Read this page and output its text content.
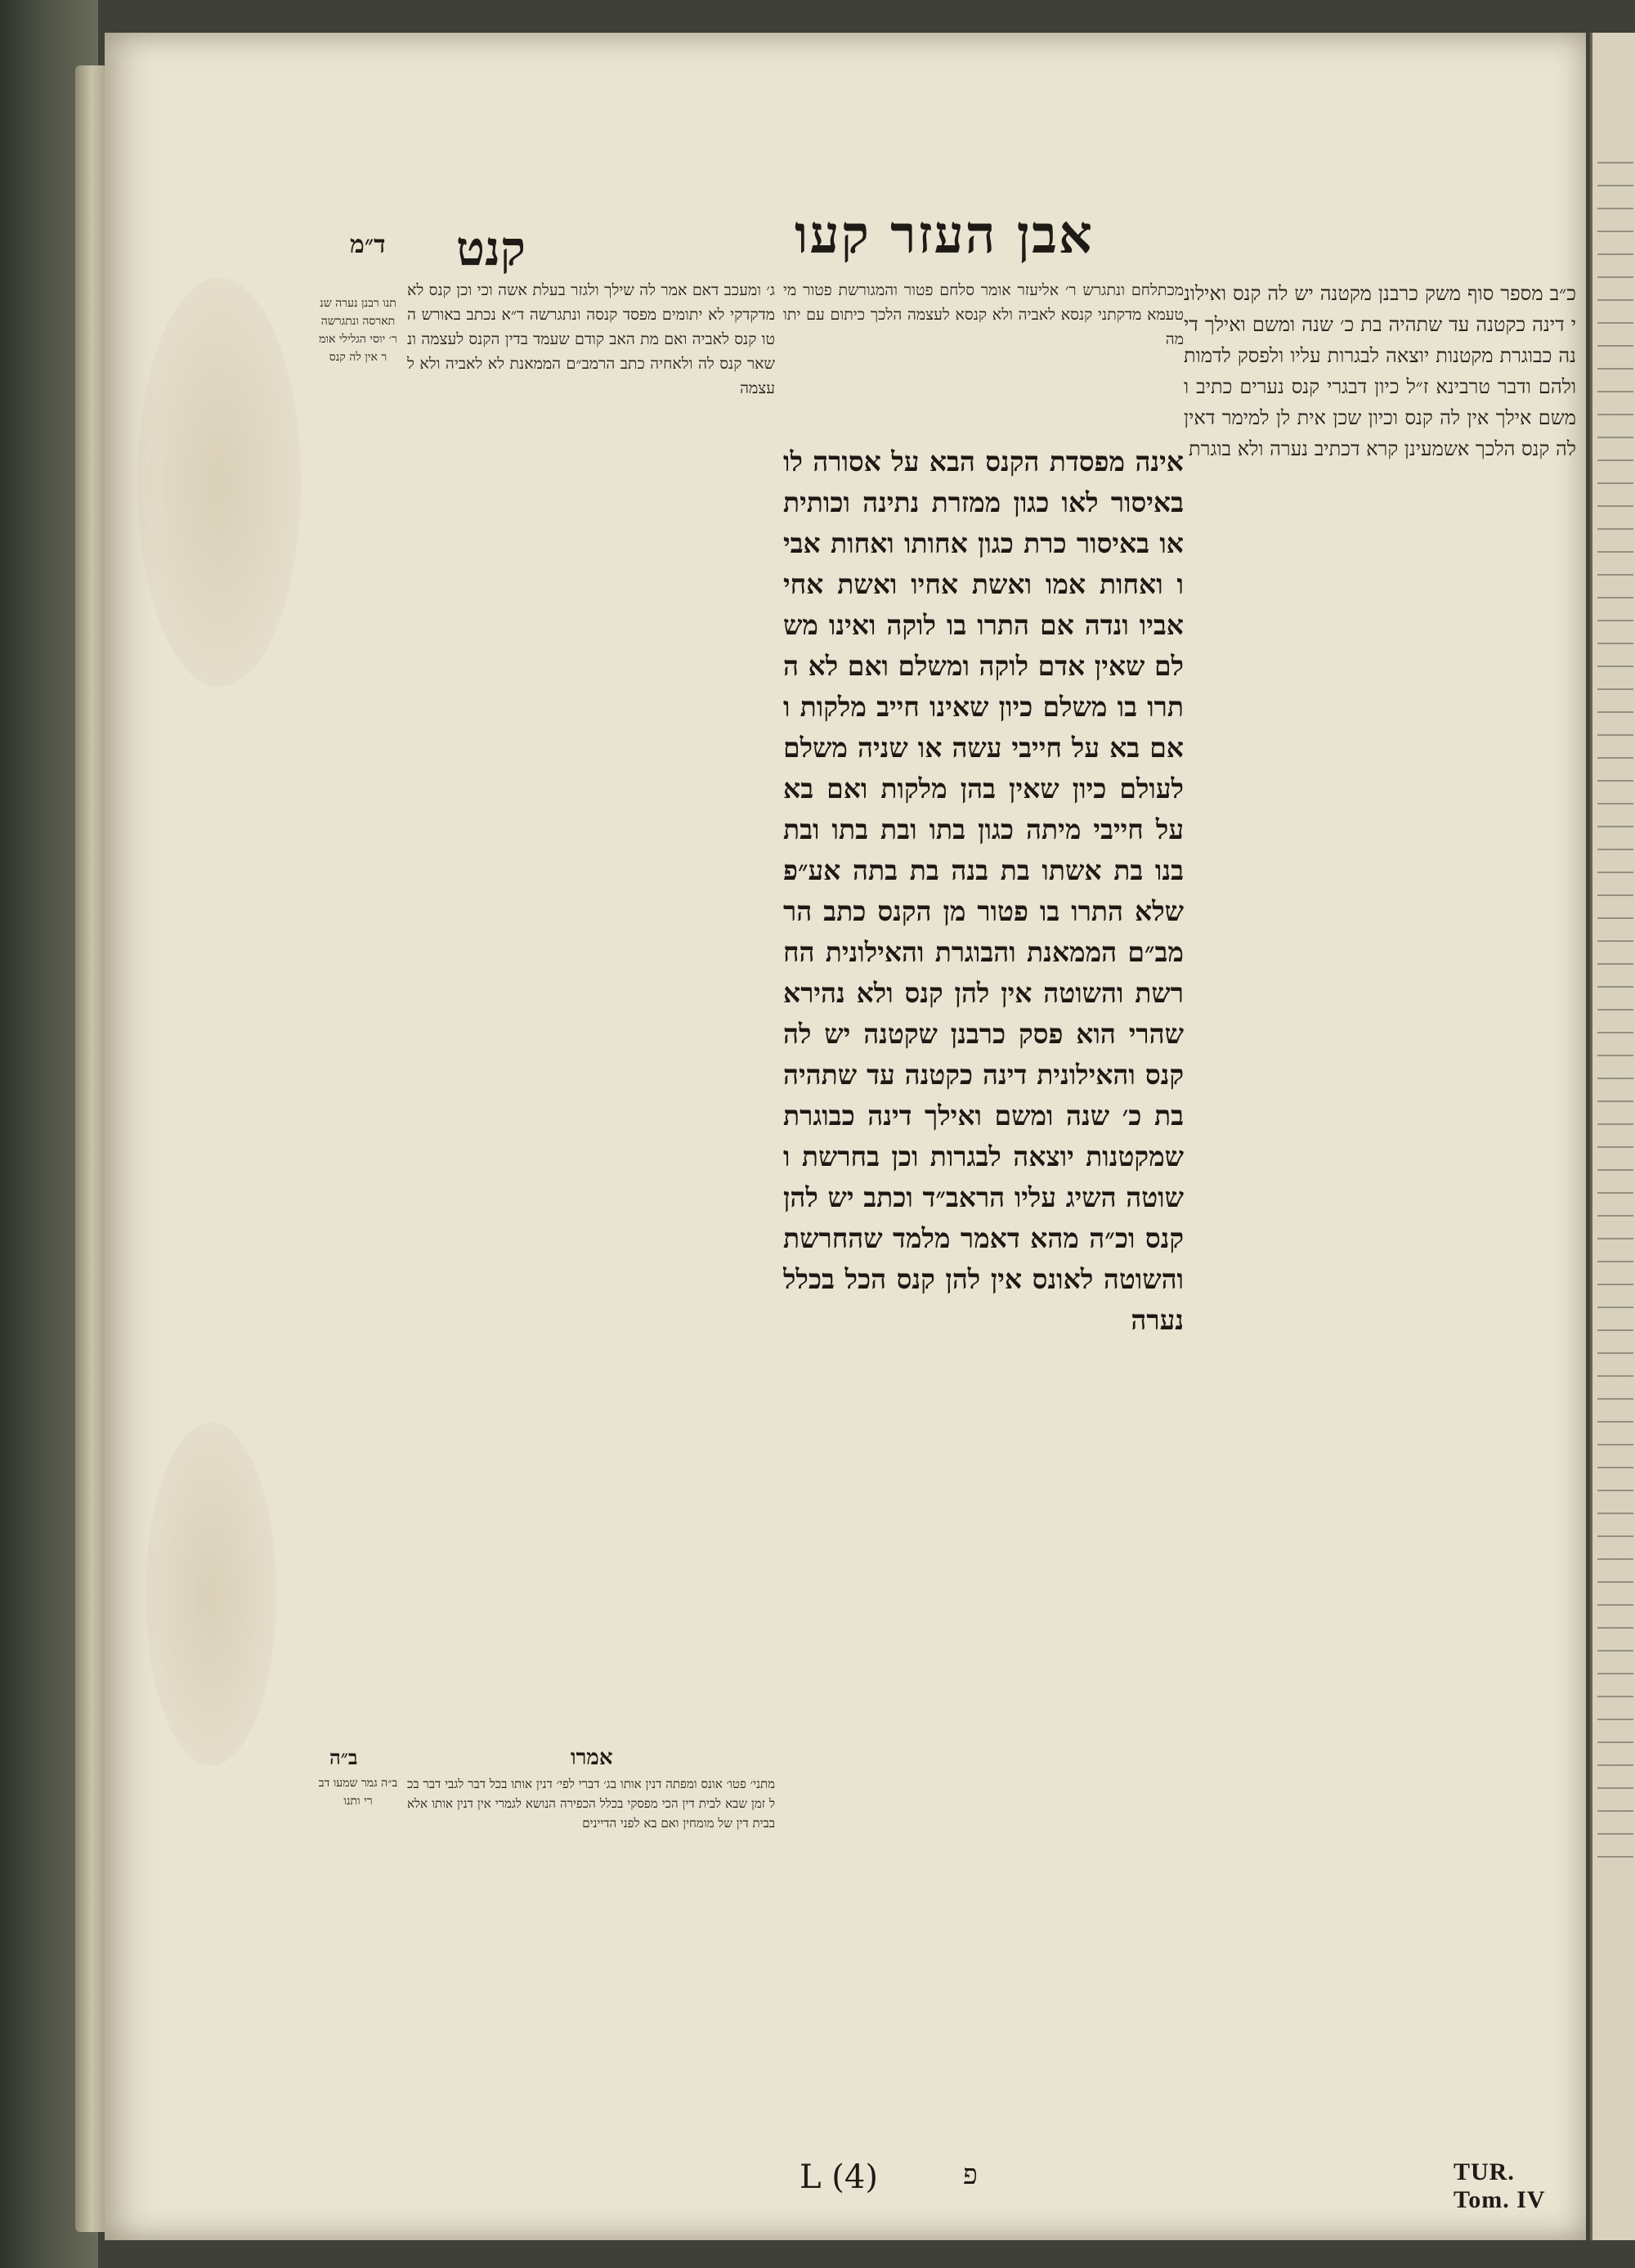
אבן העזר קעו
קנט
ד״מ

כ״ב מספר סוף משק כרבנן מקטנה יש לה קנס ואילוני דינה כקטנה עד שתהיה בת כ׳ שנה ומשם ואילך דינה כבוגרת מקטנות יוצאה לבגרות עליו ולפסק לדמות ולהם ודבר טרבינא ז״ל כיון דבגרי קנס נערים כתיב ומשם אילך אין לה קנס וכיון שכן אית לן למימר דאין לה קנס הלכך אשמעינן קרא דכתיב נערה ולא בוגרת

מכתלחם ונתגרש ר׳ אליעזר אומר סלחם פטור והמגורשת פטור מי טעמא מדקתני קנסא לאביה ולא קנסא לעצמה הלכך כיתום עם יתומה

אינה מפסדת הקנס הבא על אסורה לו באיסור לאו כגון ממזרת נתינה וכותית או באיסור כרת כגון אחותו ואחות אביו ואחות אמו ואשת אחיו ואשת אחי אביו ונדה אם התרו בו לוקה ואינו משלם שאין אדם לוקה ומשלם ואם לא התרו בו משלם כיון שאינו חייב מלקות ואם בא על חייבי עשה או שניה משלם לעולם כיון שאין בהן מלקות ואם בא על חייבי מיתה כגון בתו ובת בתו ובת בנו בת אשתו בת בנה בת בתה אע״פ שלא התרו בו פטור מן הקנס כתב הרמב״ם הממאנת והבוגרת והאילונית החרשת והשוטה אין להן קנס ולא נהירא שהרי הוא פסק כרבנן שקטנה יש לה קנס והאילונית דינה כקטנה עד שתהיה בת כ׳ שנה ומשם ואילך דינה כבוגרת שמקטנות יוצאה לבגרות וכן בחרשת ושוטה השיג עליו הראב״ד וכתב יש להן קנס וכ״ה מהא דאמר מלמד שהחרשת והשוטה לאונס אין להן קנס הכל בכלל נערה

ג׳ ומעכב דאם אמר לה שילך ולגזר בעלת אשה וכי וכן קנס לא מדקדקי לא יתומים מפסד קנסה ונתגרשה ד״א נכתב באורש הטו קנס לאביה ואם מת האב קודם שעמד בדין הקנס לעצמה ונשאר קנס לה ולאחיה כתב הרמב״ם הממאנת לא לאביה ולא לעצמה

תנו רבנן נערה שנתארסה ונתגרשה ר׳ יוסי הגלילי אומר אין לה קנס

אמרו
ב״ה

מתני׳ פטו׳ אונס ומפתה דנין אותו בג׳ דברי לפי׳ דנין אותו בכל דבר לגבי דבר בכל זמן שבא לבית דין הכי מפסקי בכלל הכפירה הנושא לגמרי אין דנין אותו אלא בבית דין של מומחין ואם בא לפני הדיינים

ב״ה גמר שמעו דברי ותנו

L (4)	פ	TUR. Tom. IV
